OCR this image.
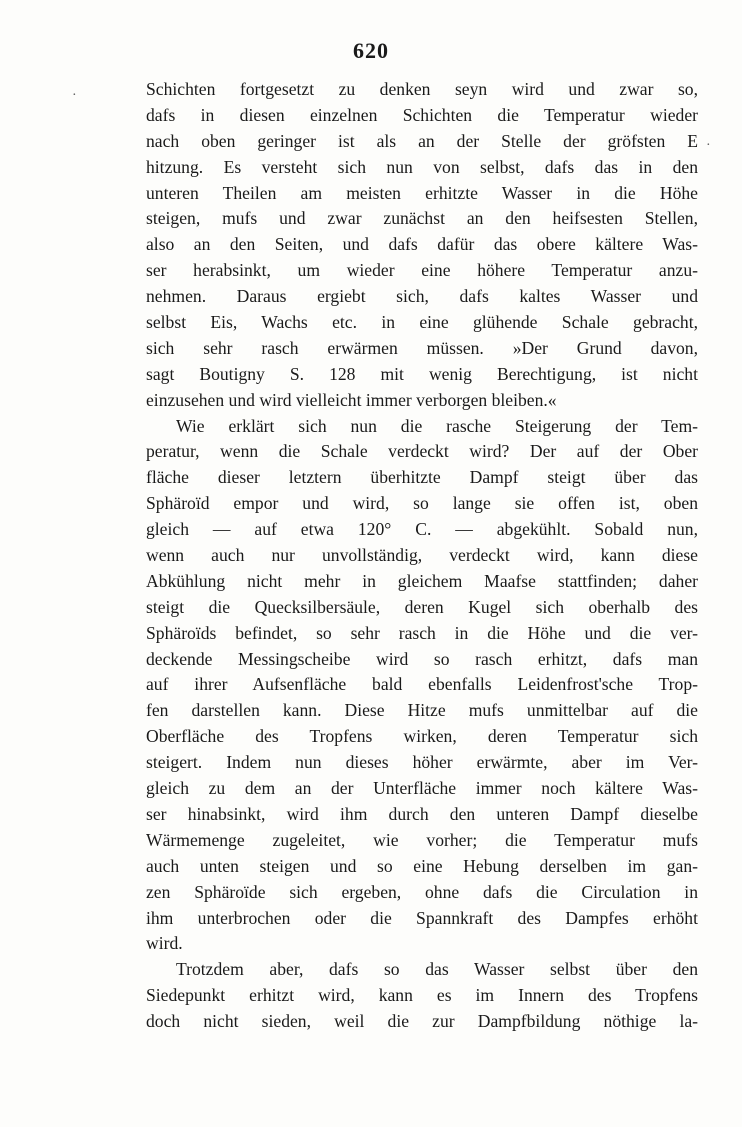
·
·
620
Schichten fortgesetzt zu denken seyn wird und zwar so,
dafs in diesen einzelnen Schichten die Temperatur wieder
nach oben geringer ist als an der Stelle der gröfsten E
hitzung. Es versteht sich nun von selbst, dafs das in den
unteren Theilen am meisten erhitzte Wasser in die Höhe
steigen, mufs und zwar zunächst an den heifsesten Stellen,
also an den Seiten, und dafs dafür das obere kältere Was-
ser herabsinkt, um wieder eine höhere Temperatur anzu-
nehmen. Daraus ergiebt sich, dafs kaltes Wasser und
selbst Eis, Wachs etc. in eine glühende Schale gebracht,
sich sehr rasch erwärmen müssen. »Der Grund davon,
sagt Boutigny S. 128 mit wenig Berechtigung, ist nicht
einzusehen und wird vielleicht immer verborgen bleiben.«
Wie erklärt sich nun die rasche Steigerung der Tem-
peratur, wenn die Schale verdeckt wird? Der auf der Ober
fläche dieser letztern überhitzte Dampf steigt über das
Sphäroïd empor und wird, so lange sie offen ist, oben
gleich — auf etwa 120° C. — abgekühlt. Sobald nun,
wenn auch nur unvollständig, verdeckt wird, kann diese
Abkühlung nicht mehr in gleichem Maafse stattfinden; daher
steigt die Quecksilbersäule, deren Kugel sich oberhalb des
Sphäroïds befindet, so sehr rasch in die Höhe und die ver-
deckende Messingscheibe wird so rasch erhitzt, dafs man
auf ihrer Aufsenfläche bald ebenfalls Leidenfrost'sche Trop-
fen darstellen kann. Diese Hitze mufs unmittelbar auf die
Oberfläche des Tropfens wirken, deren Temperatur sich
steigert. Indem nun dieses höher erwärmte, aber im Ver-
gleich zu dem an der Unterfläche immer noch kältere Was-
ser hinabsinkt, wird ihm durch den unteren Dampf dieselbe
Wärmemenge zugeleitet, wie vorher; die Temperatur mufs
auch unten steigen und so eine Hebung derselben im gan-
zen Sphäroïde sich ergeben, ohne dafs die Circulation in
ihm unterbrochen oder die Spannkraft des Dampfes erhöht
wird.
Trotzdem aber, dafs so das Wasser selbst über den
Siedepunkt erhitzt wird, kann es im Innern des Tropfens
doch nicht sieden, weil die zur Dampfbildung nöthige la-
